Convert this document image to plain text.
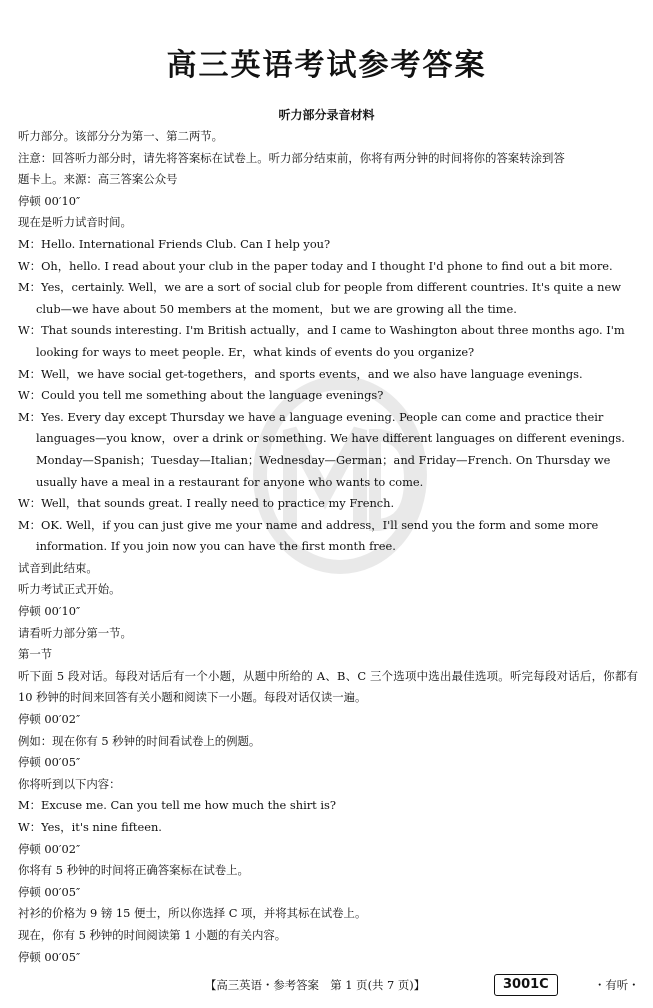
高三英语考试参考答案
听力部分录音材料
听力部分。该部分分为第一、第二两节。
注意：回答听力部分时，请先将答案标在试卷上。听力部分结束前，你将有两分钟的时间将你的答案转涂到答
题卡上。来源：高三答案公众号
停顿 00′10″
现在是听力试音时间。
M：Hello. International Friends Club. Can I help you?
W：Oh，hello. I read about your club in the paper today and I thought I'd phone to find out a bit more.
M：Yes，certainly. Well，we are a sort of social club for people from different countries. It's quite a new club—we have about 50 members at the moment，but we are growing all the time.
W：That sounds interesting. I'm British actually，and I came to Washington about three months ago. I'm looking for ways to meet people. Er，what kinds of events do you organize?
M：Well，we have social get-togethers，and sports events，and we also have language evenings.
W：Could you tell me something about the language evenings?
M：Yes. Every day except Thursday we have a language evening. People can come and practice their languages—you know，over a drink or something. We have different languages on different evenings. Monday—Spanish；Tuesday—Italian；Wednesday—German；and Friday—French. On Thursday we usually have a meal in a restaurant for anyone who wants to come.
W：Well，that sounds great. I really need to practice my French.
M：OK. Well，if you can just give me your name and address，I'll send you the form and some more information. If you join now you can have the first month free.
试音到此结束。
听力考试正式开始。
停顿 00′10″
请看听力部分第一节。
第一节
听下面 5 段对话。每段对话后有一个小题，从题中所给的 A、B、C 三个选项中选出最佳选项。听完每段对话后，你都有 10 秒钟的时间来回答有关小题和阅读下一小题。每段对话仅读一遍。
停顿 00′02″
例如：现在你有 5 秒钟的时间看试卷上的例题。
停顿 00′05″
你将听到以下内容：
M：Excuse me. Can you tell me how much the shirt is?
W：Yes，it's nine fifteen.
停顿 00′02″
你将有 5 秒钟的时间将正确答案标在试卷上。
停顿 00′05″
衬衫的价格为 9 镑 15 便士，所以你选择 C 项，并将其标在试卷上。
现在，你有 5 秒钟的时间阅读第 1 小题的有关内容。
停顿 00′05″
【高三英语・参考答案　第 1 页(共 7 页)】	3001C	・有听・
